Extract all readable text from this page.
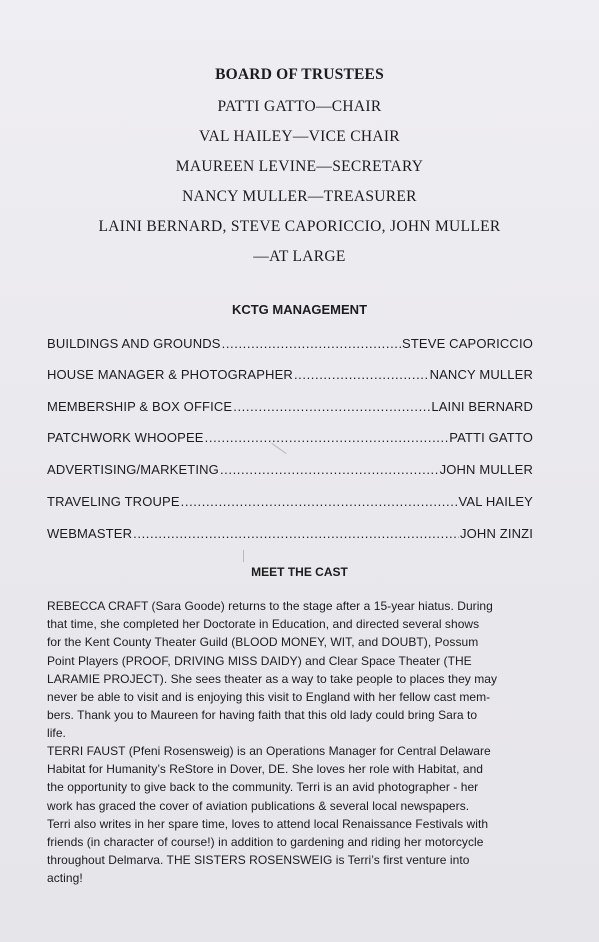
BOARD OF TRUSTEES
PATTI GATTO—CHAIR
VAL HAILEY—VICE CHAIR
MAUREEN LEVINE—SECRETARY
NANCY MULLER—TREASURER
LAINI BERNARD, STEVE CAPORICCIO, JOHN MULLER
—AT LARGE
KCTG MANAGEMENT
BUILDINGS AND GROUNDS .....	STEVE CAPORICCIO
HOUSE MANAGER & PHOTOGRAPHER .....	NANCY MULLER
MEMBERSHIP & BOX OFFICE .....	LAINI BERNARD
PATCHWORK WHOOPEE .....	PATTI GATTO
ADVERTISING/MARKETING .....	JOHN MULLER
TRAVELING TROUPE .....	VAL HAILEY
WEBMASTER .....	JOHN ZINZI
MEET THE CAST

REBECCA CRAFT (Sara Goode) returns to the stage after a 15-year hiatus. During
that time, she completed her Doctorate in Education, and directed several shows
for the Kent County Theater Guild (BLOOD MONEY, WIT, and DOUBT), Possum
Point Players (PROOF, DRIVING MISS DAIDY) and Clear Space Theater (THE
LARAMIE PROJECT). She sees theater as a way to take people to places they may
never be able to visit and is enjoying this visit to England with her fellow cast mem-
bers. Thank you to Maureen for having faith that this old lady could bring Sara to
life.

TERRI FAUST (Pfeni Rosensweig) is an Operations Manager for Central Delaware
Habitat for Humanity’s ReStore in Dover, DE. She loves her role with Habitat, and
the opportunity to give back to the community. Terri is an avid photographer - her
work has graced the cover of aviation publications & several local newspapers.
Terri also writes in her spare time, loves to attend local Renaissance Festivals with
friends (in character of course!) in addition to gardening and riding her motorcycle
throughout Delmarva. THE SISTERS ROSENSWEIG is Terri’s first venture into
acting!
